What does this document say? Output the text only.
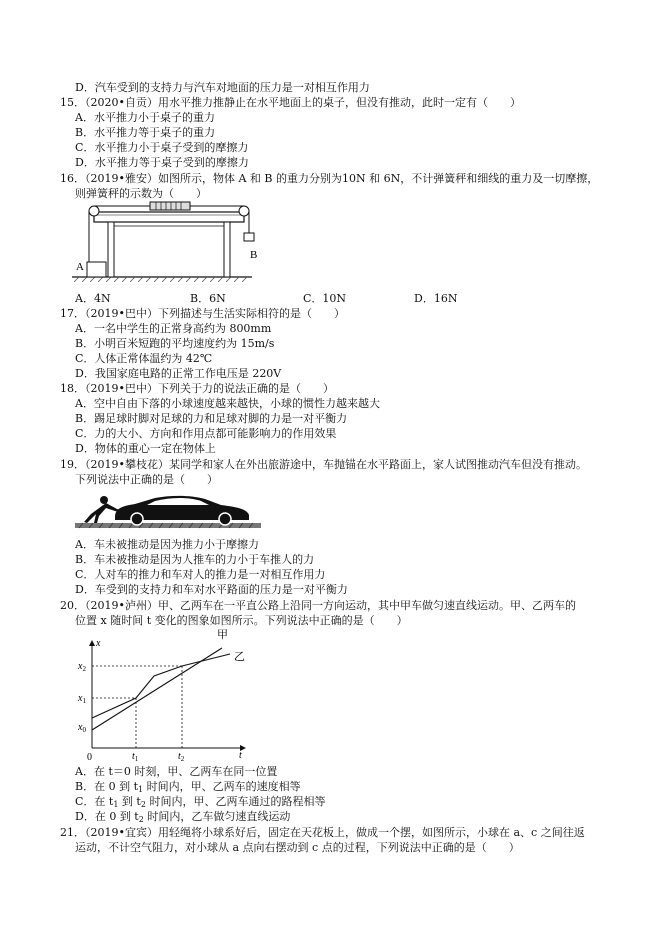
D．汽车受到的支持力与汽车对地面的压力是一对相互作用力
15．（2020•自贡）用水平推力推静止在水平地面上的桌子，但没有推动，此时一定有（　　）
A．水平推力小于桌子的重力
B．水平推力等于桌子的重力
C．水平推力小于桌子受到的摩擦力
D．水平推力等于桌子受到的摩擦力
16．（2019•雅安）如图所示，物体 A 和 B 的重力分别为10N 和 6N，不计弹簧秤和细线的重力及一切摩擦，
则弹簧秤的示数为（　　）
A
B
A．4N	B．6N	C．10N	D．16N
17．（2019•巴中）下列描述与生活实际相符的是（　　）
A．一名中学生的正常身高约为 800mm
B．小明百米短跑的平均速度约为 15m/s
C．人体正常体温约为 42℃
D．我国家庭电路的正常工作电压是 220V
18．（2019•巴中）下列关于力的说法正确的是（　　）
A．空中自由下落的小球速度越来越快，小球的惯性力越来越大
B．踢足球时脚对足球的力和足球对脚的力是一对平衡力
C．力的大小、方向和作用点都可能影响力的作用效果
D．物体的重心一定在物体上
19．（2019•攀枝花）某同学和家人在外出旅游途中，车抛锚在水平路面上，家人试图推动汽车但没有推动。
下列说法中正确的是（　　）
A．车未被推动是因为推力小于摩擦力
B．车未被推动是因为人推车的力小于车推人的力
C．人对车的推力和车对人的推力是一对相互作用力
D．车受到的支持力和车对水平路面的压力是一对平衡力
20．（2019•泸州）甲、乙两车在一平直公路上沿同一方向运动，其中甲车做匀速直线运动。甲、乙两车的
位置 x 随时间 t 变化的图象如图所示。下列说法中正确的是（　　）
甲
乙
x
t
0
$x_2$
$x_1$
$x_0$
$t_1$	$t_2$
A．在 t＝0 时刻，甲、乙两车在同一位置
B．在 0 到 $t_1$ 时间内，甲、乙两车的速度相等
C．在 $t_1$ 到 $t_2$ 时间内，甲、乙两车通过的路程相等
D．在 0 到 $t_2$ 时间内，乙车做匀速直线运动
21．（2019•宜宾）用轻绳将小球系好后，固定在天花板上，做成一个摆，如图所示，小球在 a、c 之间往返
运动，不计空气阻力，对小球从 a 点向右摆动到 c 点的过程，下列说法中正确的是（　　）
